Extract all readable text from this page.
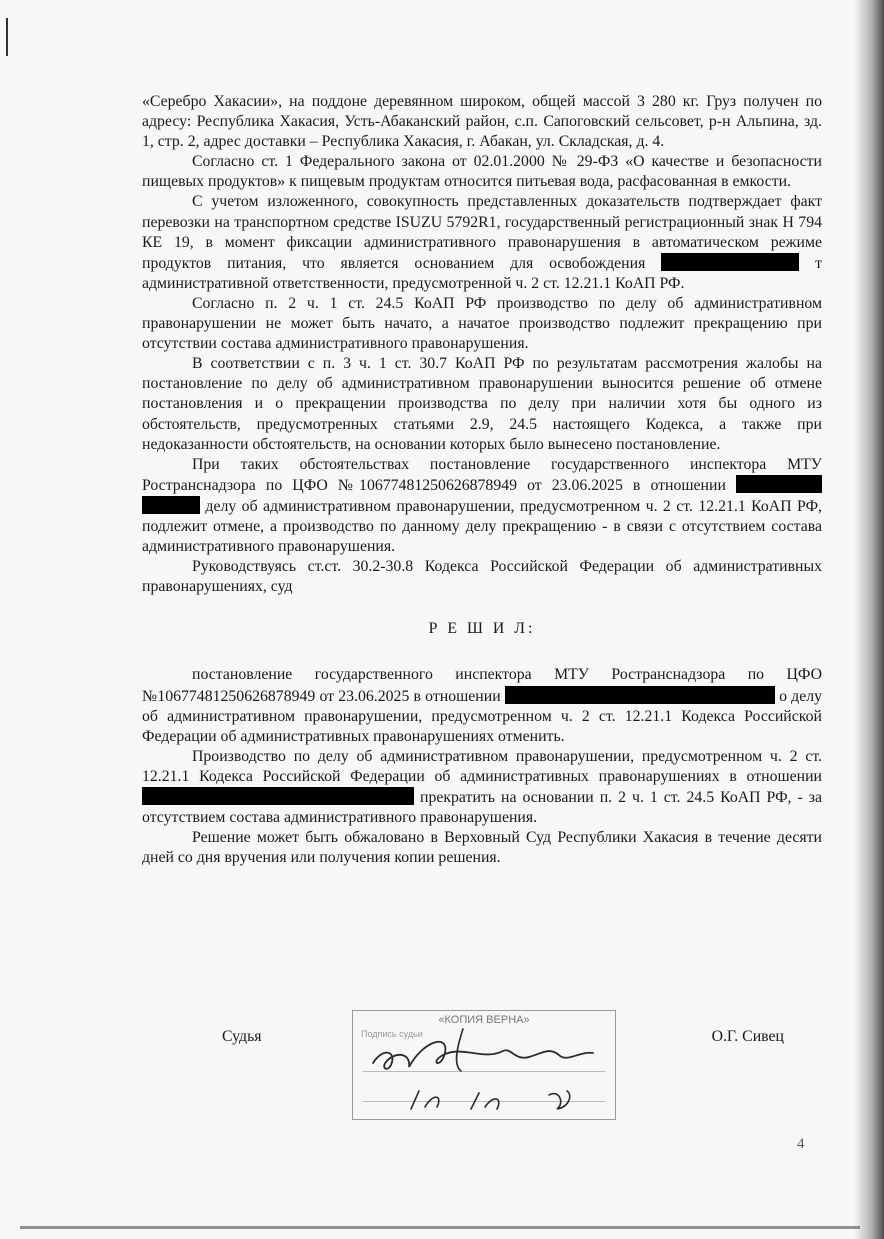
«Серебро Хакасии», на поддоне деревянном широком, общей массой 3 280 кг. Груз получен по адресу: Республика Хакасия, Усть-Абаканский район, с.п. Сапоговский сельсовет, р-н Альпина, зд. 1, стр. 2, адрес доставки – Республика Хакасия, г. Абакан, ул. Складская, д. 4.

Согласно ст. 1 Федерального закона от 02.01.2000 № 29-ФЗ «О качестве и безопасности пищевых продуктов» к пищевым продуктам относится питьевая вода, расфасованная в емкости.

С учетом изложенного, совокупность представленных доказательств подтверждает факт перевозки на транспортном средстве ISUZU 5792R1, государственный регистрационный знак Н 794 КЕ 19, в момент фиксации административного правонарушения в автоматическом режиме продуктов питания, что является основанием для освобождения	т административной ответственности, предусмотренной ч. 2 ст. 12.21.1 КоАП РФ.

Согласно п. 2 ч. 1 ст. 24.5 КоАП РФ производство по делу об административном правонарушении не может быть начато, а начатое производство подлежит прекращению при отсутствии состава административного правонарушения.

В соответствии с п. 3 ч. 1 ст. 30.7 КоАП РФ по результатам рассмотрения жалобы на постановление по делу об административном правонарушении выносится решение об отмене постановления и о прекращении производства по делу при наличии хотя бы одного из обстоятельств, предусмотренных статьями 2.9, 24.5 настоящего Кодекса, а также при недоказанности обстоятельств, на основании которых было вынесено постановление.

При таких обстоятельствах постановление государственного инспектора МТУ Ространснадзора по ЦФО №10677481250626878949 от 23.06.2025 в отношении   делу об административном правонарушении, предусмотренном ч. 2 ст. 12.21.1 КоАП РФ, подлежит отмене, а производство по данному делу прекращению - в связи с отсутствием состава административного правонарушения.

Руководствуясь ст.ст. 30.2-30.8 Кодекса Российской Федерации об административных правонарушениях, суд

Р Е Ш И Л:

постановление государственного инспектора МТУ Ространснадзора по ЦФО №10677481250626878949 от 23.06.2025 в отношении	о делу об административном правонарушении, предусмотренном ч. 2 ст. 12.21.1 Кодекса Российской Федерации об административных правонарушениях отменить.

Производство по делу об административном правонарушении, предусмотренном ч. 2 ст. 12.21.1 Кодекса Российской Федерации об административных правонарушениях в отношении  прекратить на основании п. 2 ч. 1 ст. 24.5 КоАП РФ, - за отсутствием состава административного правонарушения.

Решение может быть обжаловано в Верховный Суд Республики Хакасия в течение десяти дней со дня вручения или получения копии решения.

Судья
«КОПИЯ ВЕРНА»
Подпись судьи	О.Г. Сивец
4
